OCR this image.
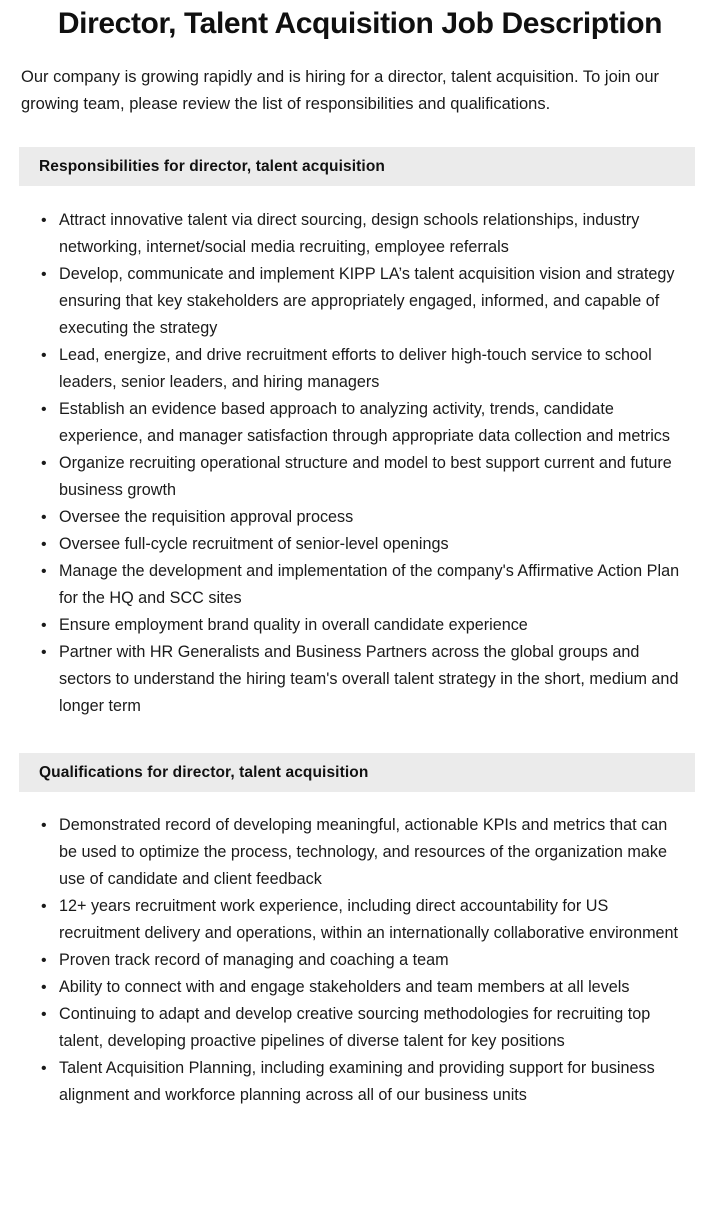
Director, Talent Acquisition Job Description

Our company is growing rapidly and is hiring for a director, talent acquisition. To join our growing team, please review the list of responsibilities and qualifications.

Responsibilities for director, talent acquisition
• Attract innovative talent via direct sourcing, design schools relationships, industry networking, internet/social media recruiting, employee referrals
• Develop, communicate and implement KIPP LA’s talent acquisition vision and strategy ensuring that key stakeholders are appropriately engaged, informed, and capable of executing the strategy
• Lead, energize, and drive recruitment efforts to deliver high-touch service to school leaders, senior leaders, and hiring managers
• Establish an evidence based approach to analyzing activity, trends, candidate experience, and manager satisfaction through appropriate data collection and metrics
• Organize recruiting operational structure and model to best support current and future business growth
• Oversee the requisition approval process
• Oversee full-cycle recruitment of senior-level openings
• Manage the development and implementation of the company's Affirmative Action Plan for the HQ and SCC sites
• Ensure employment brand quality in overall candidate experience
• Partner with HR Generalists and Business Partners across the global groups and sectors to understand the hiring team's overall talent strategy in the short, medium and longer term
Qualifications for director, talent acquisition
• Demonstrated record of developing meaningful, actionable KPIs and metrics that can be used to optimize the process, technology, and resources of the organization make use of candidate and client feedback
• 12+ years recruitment work experience, including direct accountability for US recruitment delivery and operations, within an internationally collaborative environment
• Proven track record of managing and coaching a team
• Ability to connect with and engage stakeholders and team members at all levels
• Continuing to adapt and develop creative sourcing methodologies for recruiting top talent, developing proactive pipelines of diverse talent for key positions
• Talent Acquisition Planning, including examining and providing support for business alignment and workforce planning across all of our business units
